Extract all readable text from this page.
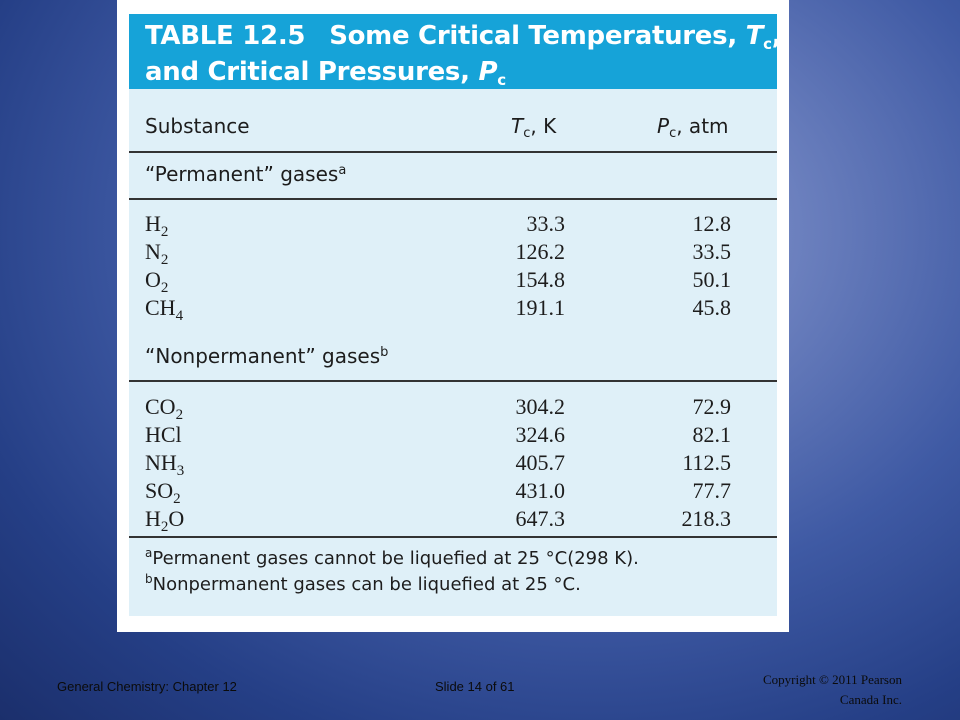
TABLE 12.5 Some Critical Temperatures, $T_c$,
and Critical Pressures, $P_c$
Substance	$T_c$, K	$P_c$, atm
“Permanent” gases$^a$
$H_2$	33.3	12.8
$N_2$	126.2	33.5
$O_2$	154.8	50.1
$CH_4$	191.1	45.8
“Nonpermanent” gases$^b$
$CO_2$	304.2	72.9
HCl	324.6	82.1
$NH_3$	405.7	112.5
$SO_2$	431.0	77.7
$H_2O$	647.3	218.3
$^a$Permanent gases cannot be liquefied at 25 °C(298 K).
$^b$Nonpermanent gases can be liquefied at 25 °C.
General Chemistry: Chapter 12	Slide 14 of 61	Copyright © 2011 Pearson
Canada Inc.
